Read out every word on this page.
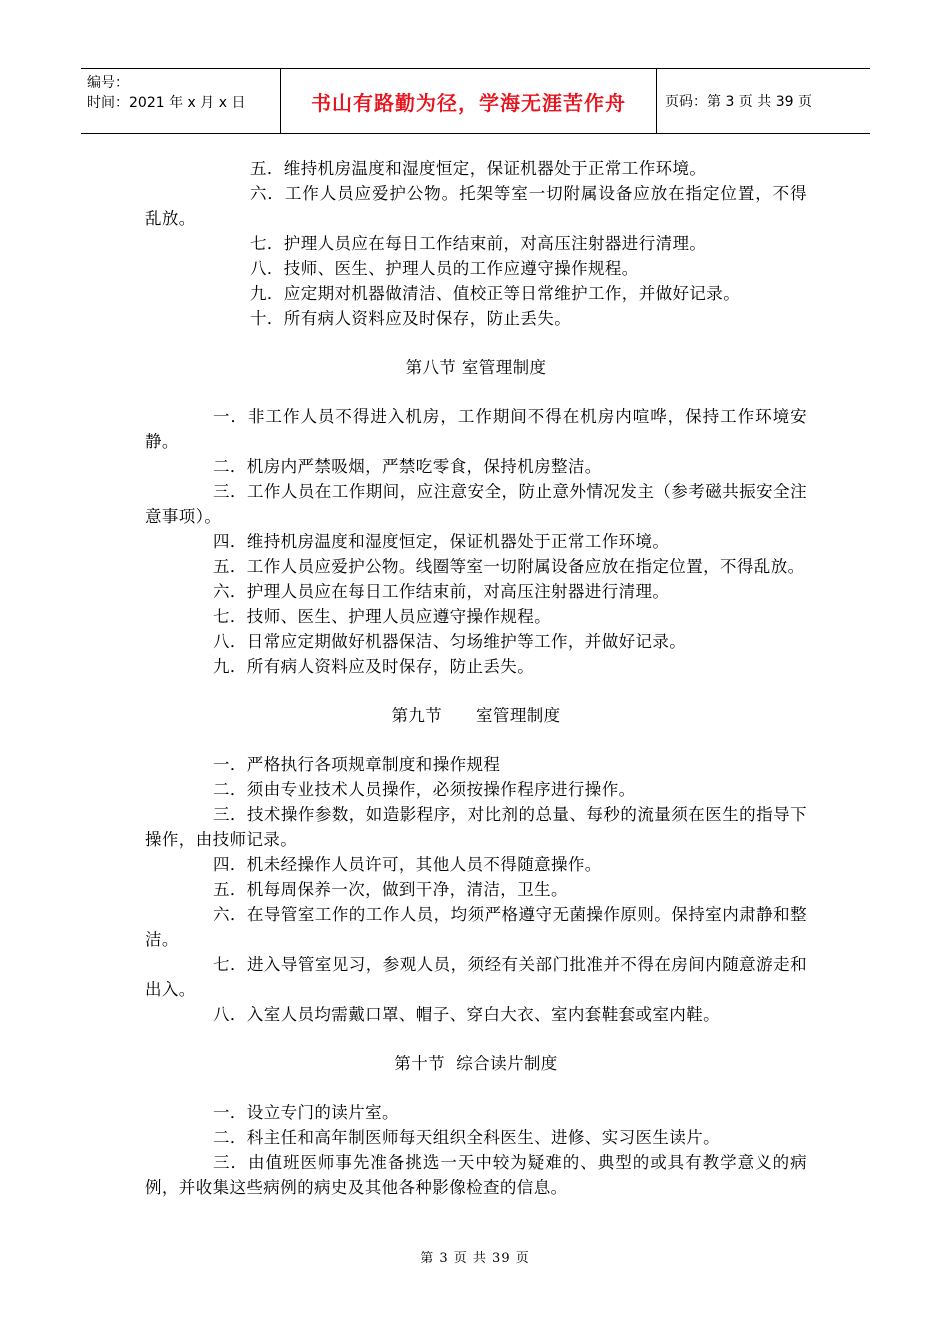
编号：
时间：2021 年 x 月 x 日	书山有路勤为径，学海无涯苦作舟	页码：第 3 页 共 39 页

五．维持机房温度和湿度恒定，保证机器处于正常工作环境。

六．工作人员应爱护公物。托架等室一切附属设备应放在指定位置，不得乱放。

七．护理人员应在每日工作结束前，对高压注射器进行清理。

八．技师、医生、护理人员的工作应遵守操作规程。

九．应定期对机器做清洁、值校正等日常维护工作，并做好记录。

十．所有病人资料应及时保存，防止丢失。

第八节 室管理制度

一．非工作人员不得进入机房，工作期间不得在机房内喧哗，保持工作环境安静。

二．机房内严禁吸烟，严禁吃零食，保持机房整洁。

三．工作人员在工作期间，应注意安全，防止意外情况发主（参考磁共振安全注意事项）。

四．维持机房温度和湿度恒定，保证机器处于正常工作环境。

五．工作人员应爱护公物。线圈等室一切附属设备应放在指定位置，不得乱放。

六．护理人员应在每日工作结束前，对高压注射器进行清理。

七．技师、医生、护理人员应遵守操作规程。

八．日常应定期做好机器保洁、匀场维护等工作，并做好记录。

九．所有病人资料应及时保存，防止丢失。

第九节      室管理制度

一．严格执行各项规章制度和操作规程

二．须由专业技术人员操作，必须按操作程序进行操作。

三．技术操作参数，如造影程序，对比剂的总量、每秒的流量须在医生的指导下操作，由技师记录。

四．机未经操作人员许可，其他人员不得随意操作。

五．机每周保养一次，做到干净，清洁，卫生。

六．在导管室工作的工作人员，均须严格遵守无菌操作原则。保持室内肃静和整洁。

七．进入导管室见习，参观人员，须经有关部门批准并不得在房间内随意游走和出入。

八．入室人员均需戴口罩、帽子、穿白大衣、室内套鞋套或室内鞋。

第十节  综合读片制度

一．设立专门的读片室。

二．科主任和高年制医师每天组织全科医生、进修、实习医生读片。

三．由值班医师事先准备挑选一天中较为疑难的、典型的或具有教学意义的病例，并收集这些病例的病史及其他各种影像检查的信息。

第 3 页 共 39 页
